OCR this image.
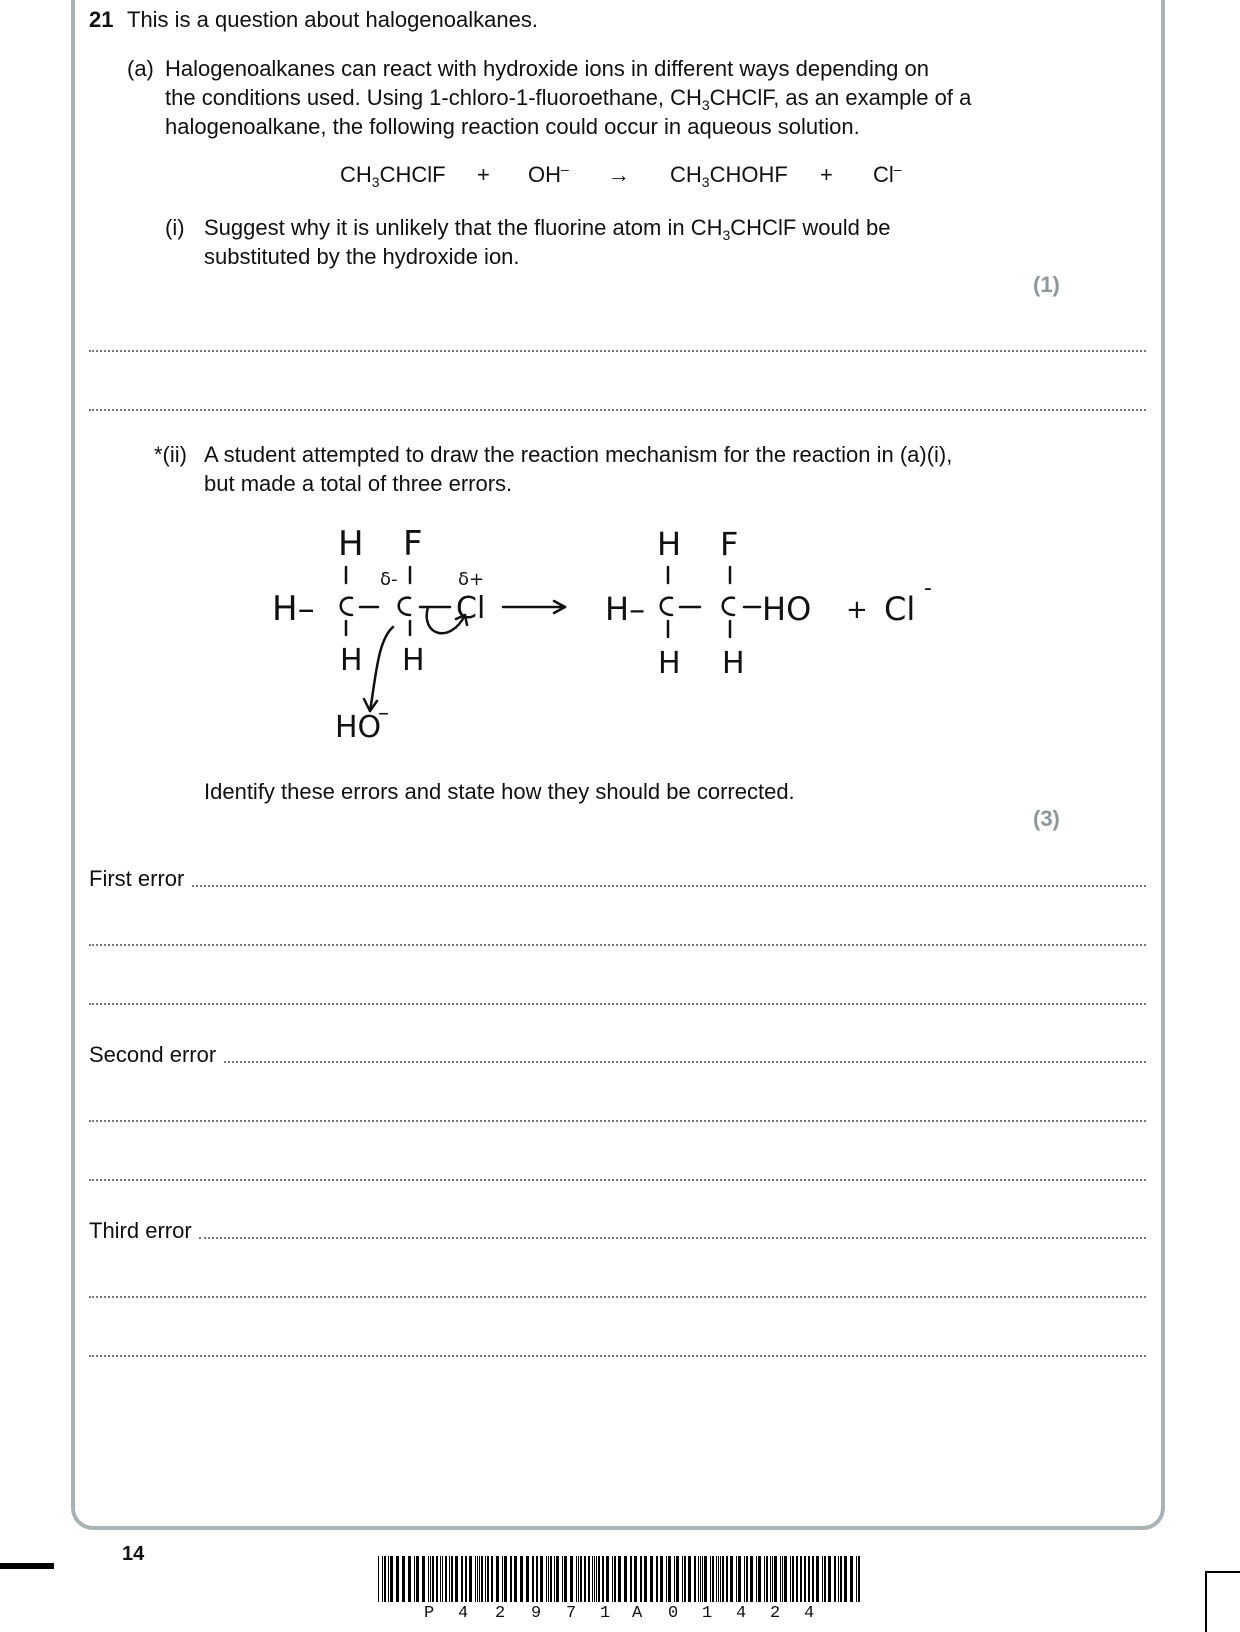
21 This is a question about halogenoalkanes.
(a) Halogenoalkanes can react with hydroxide ions in different ways depending on
the conditions used. Using 1-chloro-1-fluoroethane, $CH_3CHClF$, as an example of a
halogenoalkane, the following reaction could occur in aqueous solution.
$CH_3CHClF + OH^-$ → $CH_3CHOHF + Cl^-$
(i) Suggest why it is unlikely that the fluorine atom in $CH_3CHClF$ would be
substituted by the hydroxide ion.
(1)
*(ii) A student attempted to draw the reaction mechanism for the reaction in (a)(i),
but made a total of three errors.
H F
H–
H H
δ-	δ+
Cl
HO
–
H F
H–	HO + Cl
-
H H
Identify these errors and state how they should be corrected.
(3)
First error
Second error
Third error
14
P 4 2 9 7 1 A 0 1 4 2 4
